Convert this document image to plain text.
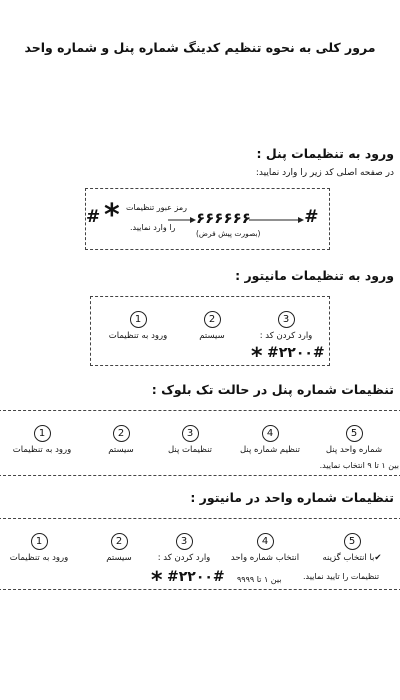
مرور کلی به نحوه تنظیم کدینگ شماره پنل و شماره واحد
ورود به تنظیمات پنل :
در صفحه اصلی کد زیر را وارد نمایید:
#
۶۶۶۶۶۶
(بصورت پیش فرض)
رمز عبور تنظیمات
را وارد نمایید.
*
#
ورود به تنظیمات مانیتور :
1
ورود به تنظیمات
2
سیستم
3
وارد کردن کد :
#۲۲۰۰#
*
تنظیمات شماره پنل در حالت تک بلوک :
1
ورود به تنظیمات
2
سیستم
3
تنظیمات پنل
4
تنظیم شماره پنل
5
شماره واحد پنل
بین ۱ تا ۹ انتخاب نمایید.
تنظیمات شماره واحد در مانیتور :
1
ورود به تنظیمات
2
سیستم
3
وارد کردن کد :
4
انتخاب شماره واحد
5
✔با انتخاب گزینه
#۲۲۰۰#
*	بین ۱ تا ۹۹۹۹	تنظیمات را تایید نمایید.
